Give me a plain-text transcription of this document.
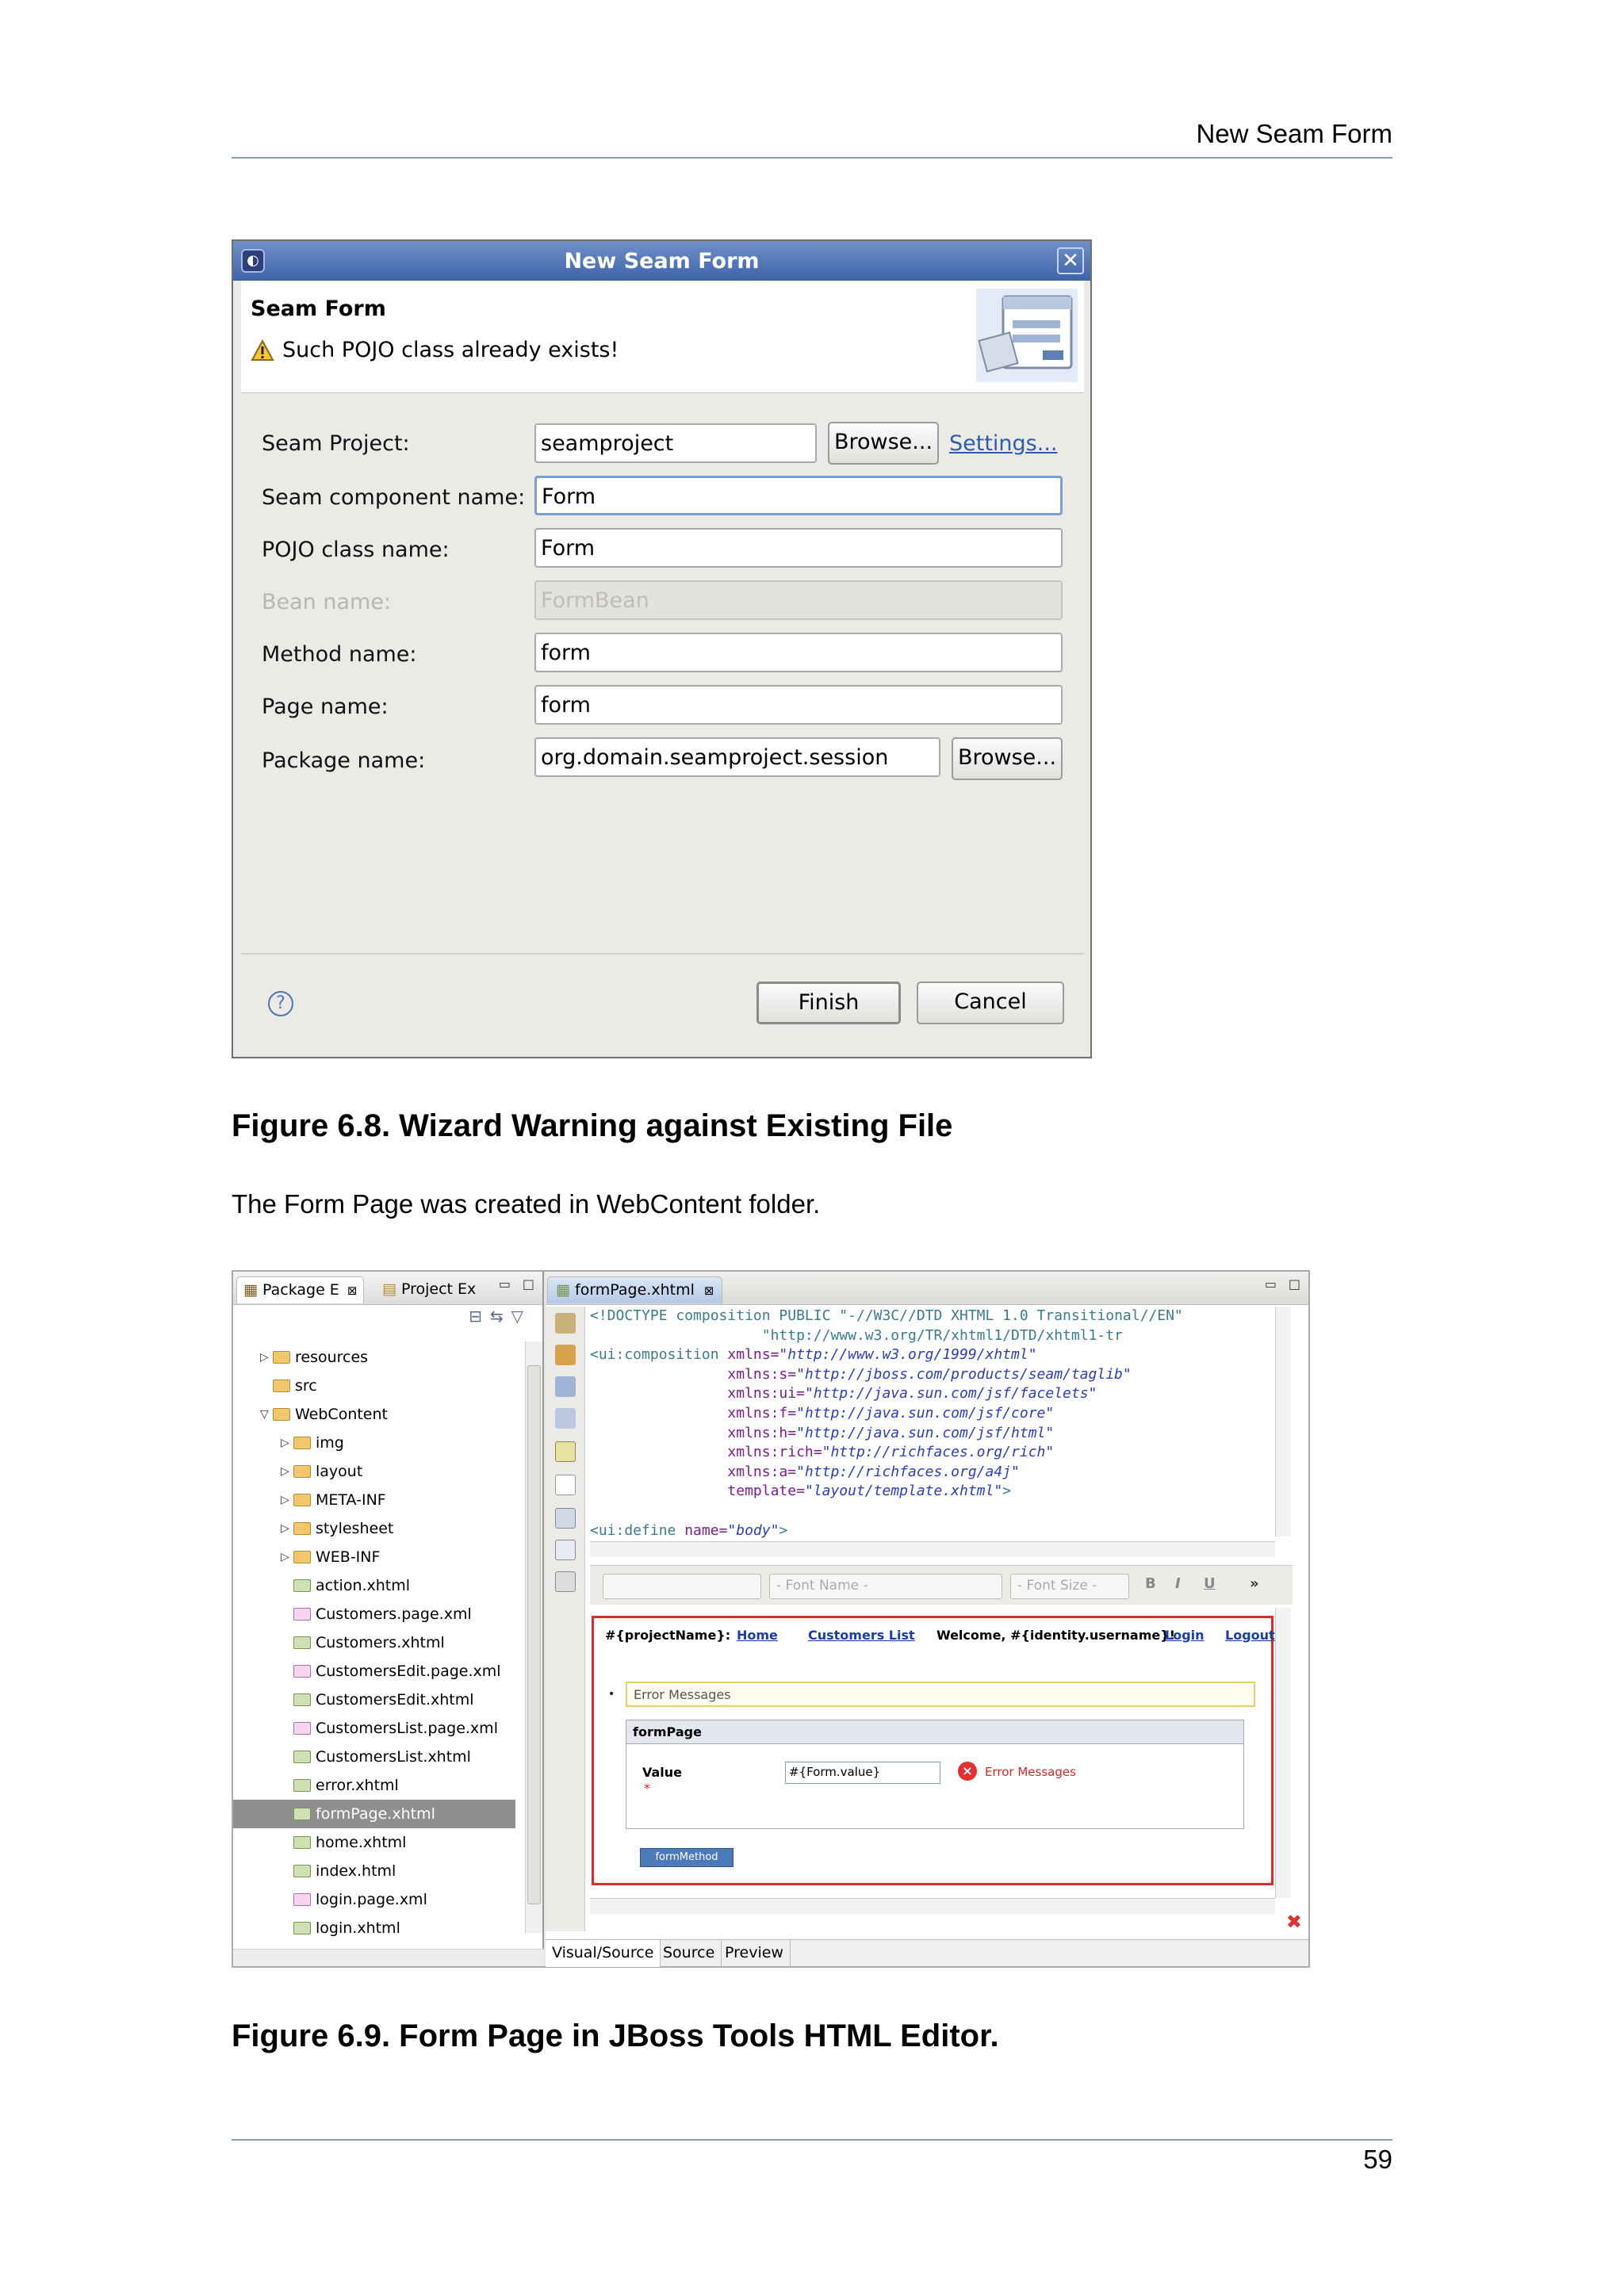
New Seam Form
◐	New Seam Form	✕
Seam Form
Such POJO class already exists!
Seam Project:	seamproject	Browse... Settings...
Seam component name: Form
POJO class name:	Form
Bean name:	FormBean
Method name:	form
Page name:	form
Package name:	org.domain.seamproject.session	Browse...
?	Finish	Cancel
Figure 6.8. Wizard Warning against Existing File
The Form Page was created in WebContent folder.
▦ Package E ⊠	▤ Project Ex	▭ □
⊟⇆▽
▷ resources
src
▽ WebContent
▷ img
▷ layout
▷ META-INF
▷ stylesheet
▷ WEB-INF
action.xhtml
Customers.page.xml
Customers.xhtml
CustomersEdit.page.xml
CustomersEdit.xhtml
CustomersList.page.xml
CustomersList.xhtml
error.xhtml
formPage.xhtml
home.xhtml
index.html
login.page.xml
login.xhtml
▦ formPage.xhtml ⊠	▭ □
<!DOCTYPE composition PUBLIC "-//W3C//DTD XHTML 1.0 Transitional//EN"
"http://www.w3.org/TR/xhtml1/DTD/xhtml1-tr
<ui:composition xmlns="http://www.w3.org/1999/xhtml"
xmlns:s="http://jboss.com/products/seam/taglib"
xmlns:ui="http://java.sun.com/jsf/facelets"
xmlns:f="http://java.sun.com/jsf/core"
xmlns:h="http://java.sun.com/jsf/html"
xmlns:rich="http://richfaces.org/rich"
xmlns:a="http://richfaces.org/a4j"
template="layout/template.xhtml">
<ui:define name="body">
- Font Name -	- Font Size -	B I U »
#{projectName}: Home Customers List Welcome, #{identity.username}!
Login Logout
•	Error Messages
formPage
Value
*
#{Form.value}	×	Error Messages
formMethod
✖
Visual/Source Source Preview
Figure 6.9. Form Page in JBoss Tools HTML Editor.
59
